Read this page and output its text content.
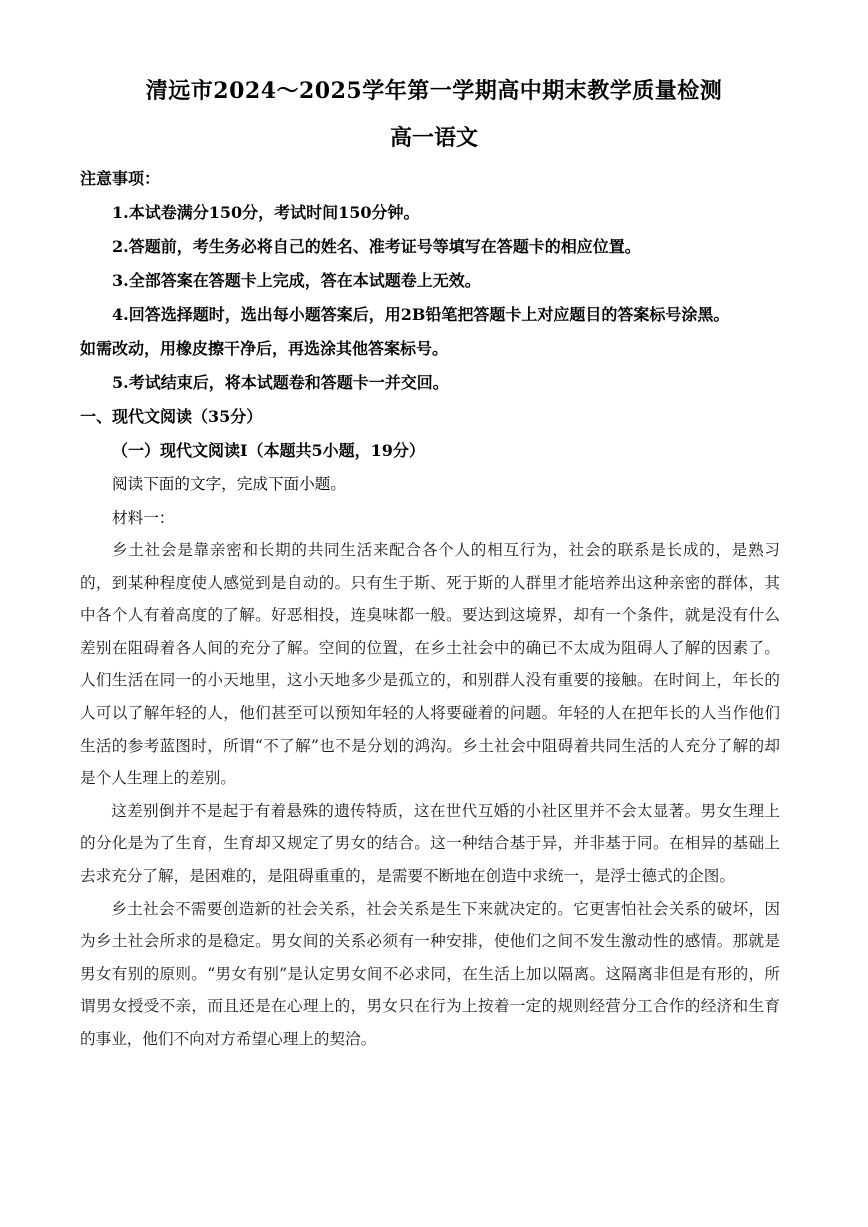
清远市2024～2025学年第一学期高中期末教学质量检测
高一语文
注意事项：
1.本试卷满分150分，考试时间150分钟。
2.答题前，考生务必将自己的姓名、准考证号等填写在答题卡的相应位置。
3.全部答案在答题卡上完成，答在本试题卷上无效。
4.回答选择题时，选出每小题答案后，用2B铅笔把答题卡上对应题目的答案标号涂黑。
如需改动，用橡皮擦干净后，再选涂其他答案标号。
5.考试结束后，将本试题卷和答题卡一并交回。
一、现代文阅读（35分）
（一）现代文阅读I（本题共5小题，19分）
阅读下面的文字，完成下面小题。
材料一：

乡土社会是靠亲密和长期的共同生活来配合各个人的相互行为，社会的联系是长成的，是熟习的，到某种程度使人感觉到是自动的。只有生于斯、死于斯的人群里才能培养出这种亲密的群体，其中各个人有着高度的了解。好恶相投，连臭味都一般。要达到这境界，却有一个条件，就是没有什么差别在阻碍着各人间的充分了解。空间的位置，在乡土社会中的确已不太成为阻碍人了解的因素了。人们生活在同一的小天地里，这小天地多少是孤立的，和别群人没有重要的接触。在时间上，年长的人可以了解年轻的人，他们甚至可以预知年轻的人将要碰着的问题。年轻的人在把年长的人当作他们生活的参考蓝图时，所谓“不了解”也不是分划的鸿沟。乡土社会中阻碍着共同生活的人充分了解的却是个人生理上的差别。

这差别倒并不是起于有着悬殊的遗传特质，这在世代互婚的小社区里并不会太显著。男女生理上的分化是为了生育，生育却又规定了男女的结合。这一种结合基于异，并非基于同。在相异的基础上去求充分了解，是困难的，是阻碍重重的，是需要不断地在创造中求统一，是浮士德式的企图。

乡土社会不需要创造新的社会关系，社会关系是生下来就决定的。它更害怕社会关系的破坏，因为乡土社会所求的是稳定。男女间的关系必须有一种安排，使他们之间不发生激动性的感情。那就是男女有别的原则。“男女有别”是认定男女间不必求同，在生活上加以隔离。这隔离非但是有形的，所谓男女授受不亲，而且还是在心理上的，男女只在行为上按着一定的规则经营分工合作的经济和生育的事业，他们不向对方希望心理上的契洽。
